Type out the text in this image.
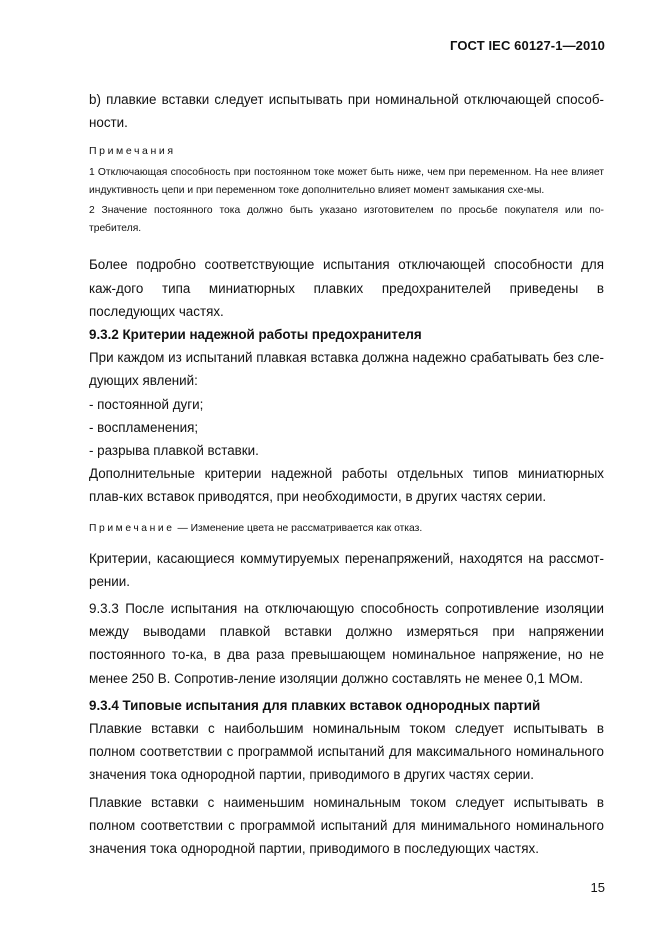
ГОСТ IEC 60127-1—2010

b) плавкие вставки следует испытывать при номинальной отключающей способ-ности.

Примечания
1 Отключающая способность при постоянном токе может быть ниже, чем при переменном. На нее влияет индуктивность цепи и при переменном токе дополнительно влияет момент замыкания схе-мы.
2 Значение постоянного тока должно быть указано изготовителем по просьбе покупателя или по-требителя.

Более подробно соответствующие испытания отключающей способности для каж-дого типа миниатюрных плавких предохранителей приведены в последующих частях.

9.3.2 Критерии надежной работы предохранителя

При каждом из испытаний плавкая вставка должна надежно срабатывать без сле-дующих явлений:

- постоянной дуги;

- воспламенения;

- разрыва плавкой вставки.

Дополнительные критерии надежной работы отдельных типов миниатюрных плав-ких вставок приводятся, при необходимости, в других частях серии.

Примечание — Изменение цвета не рассматривается как отказ.

Критерии, касающиеся коммутируемых перенапряжений, находятся на рассмот-рении.

9.3.3 После испытания на отключающую способность сопротивление изоляции между выводами плавкой вставки должно измеряться при напряжении постоянного то-ка, в два раза превышающем номинальное напряжение, но не менее 250 В. Сопротив-ление изоляции должно составлять не менее 0,1 МОм.

9.3.4 Типовые испытания для плавких вставок однородных партий

Плавкие вставки с наибольшим номинальным током следует испытывать в полном соответствии с программой испытаний для максимального номинального значения тока однородной партии, приводимого в других частях серии.

Плавкие вставки с наименьшим номинальным током следует испытывать в полном соответствии с программой испытаний для минимального номинального значения тока однородной партии, приводимого в последующих частях.

15
